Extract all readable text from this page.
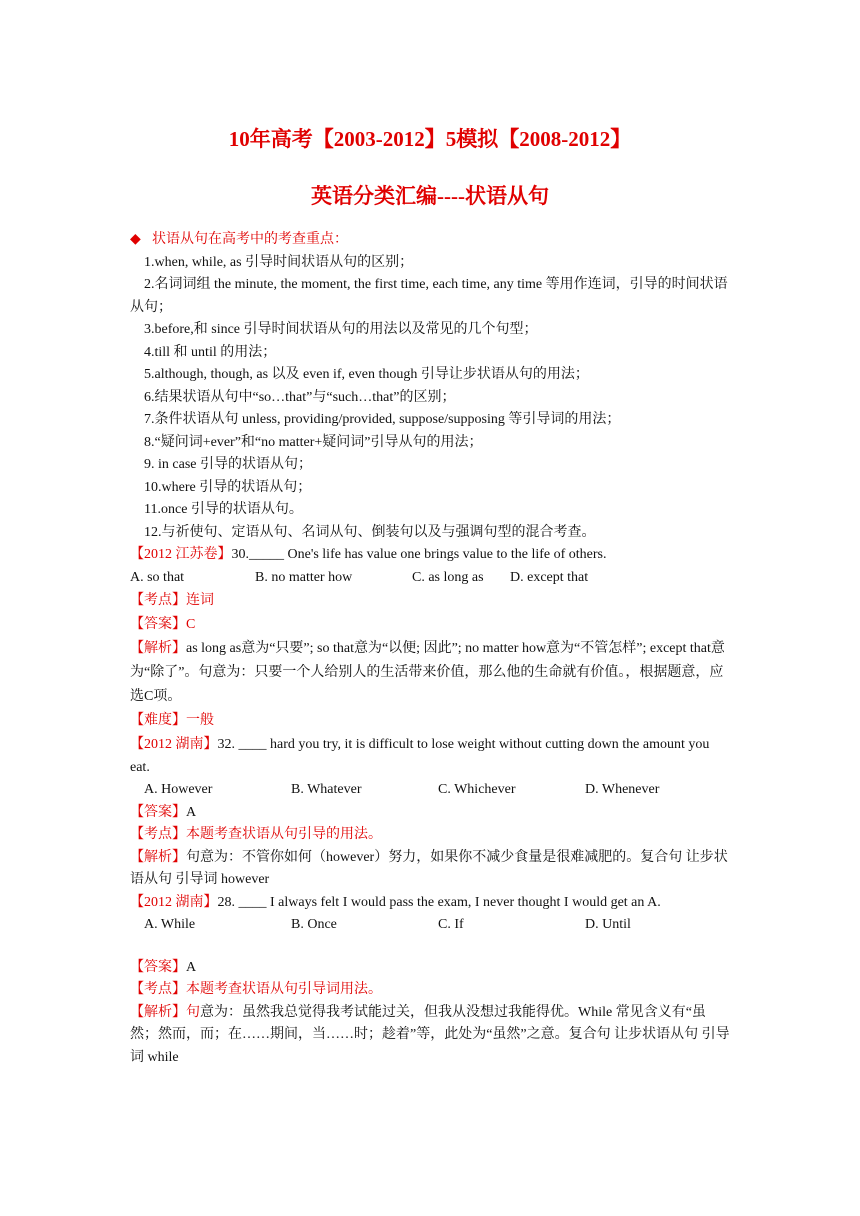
10年高考【2003-2012】5模拟【2008-2012】
英语分类汇编----状语从句

◆ 状语从句在高考中的考查重点：

1.when, while, as 引导时间状语从句的区别；

2.名词词组 the minute, the moment, the first time, each time, any time 等用作连词，引导的时间状语从句；

3.before,和 since 引导时间状语从句的用法以及常见的几个句型；

4.till 和 until 的用法；

5.although, though, as 以及 even if, even though 引导让步状语从句的用法；

6.结果状语从句中“so…that”与“such…that”的区别；

7.条件状语从句 unless, providing/provided, suppose/supposing 等引导词的用法；

8.“疑问词+ever”和“no matter+疑问词”引导从句的用法；

9. in case 引导的状语从句；

10.where 引导的状语从句；

11.once 引导的状语从句。

12.与祈使句、定语从句、名词从句、倒装句以及与强调句型的混合考查。

【2012 江苏卷】30._____ One's life has value one brings value to the life of others.

A. so that	B. no matter how	C. as long as	D. except that

【考点】连词

【答案】C

【解析】as long as意为“只要”; so that意为“以便; 因此”; no matter how意为“不管怎样”; except that意为“除了”。句意为：只要一个人给别人的生活带来价值，那么他的生命就有价值。，根据题意，应选C项。

【难度】一般

【2012 湖南】32. ____ hard you try, it is difficult to lose weight without cutting down the amount you eat.

A. However	B. Whatever	C. Whichever	D. Whenever

【答案】A

【考点】本题考查状语从句引导的用法。

【解析】句意为：不管你如何（however）努力，如果你不减少食量是很难减肥的。复合句 让步状语从句 引导词 however

【2012 湖南】28. ____ I always felt I would pass the exam, I never thought I would get an A.

A. While	B. Once	C. If	D. Until

【答案】A

【考点】本题考查状语从句引导词用法。

【解析】句意为：虽然我总觉得我考试能过关，但我从没想过我能得优。While 常见含义有“虽然；然而，而；在……期间，当……时；趁着”等，此处为“虽然”之意。复合句 让步状语从句 引导词 while
